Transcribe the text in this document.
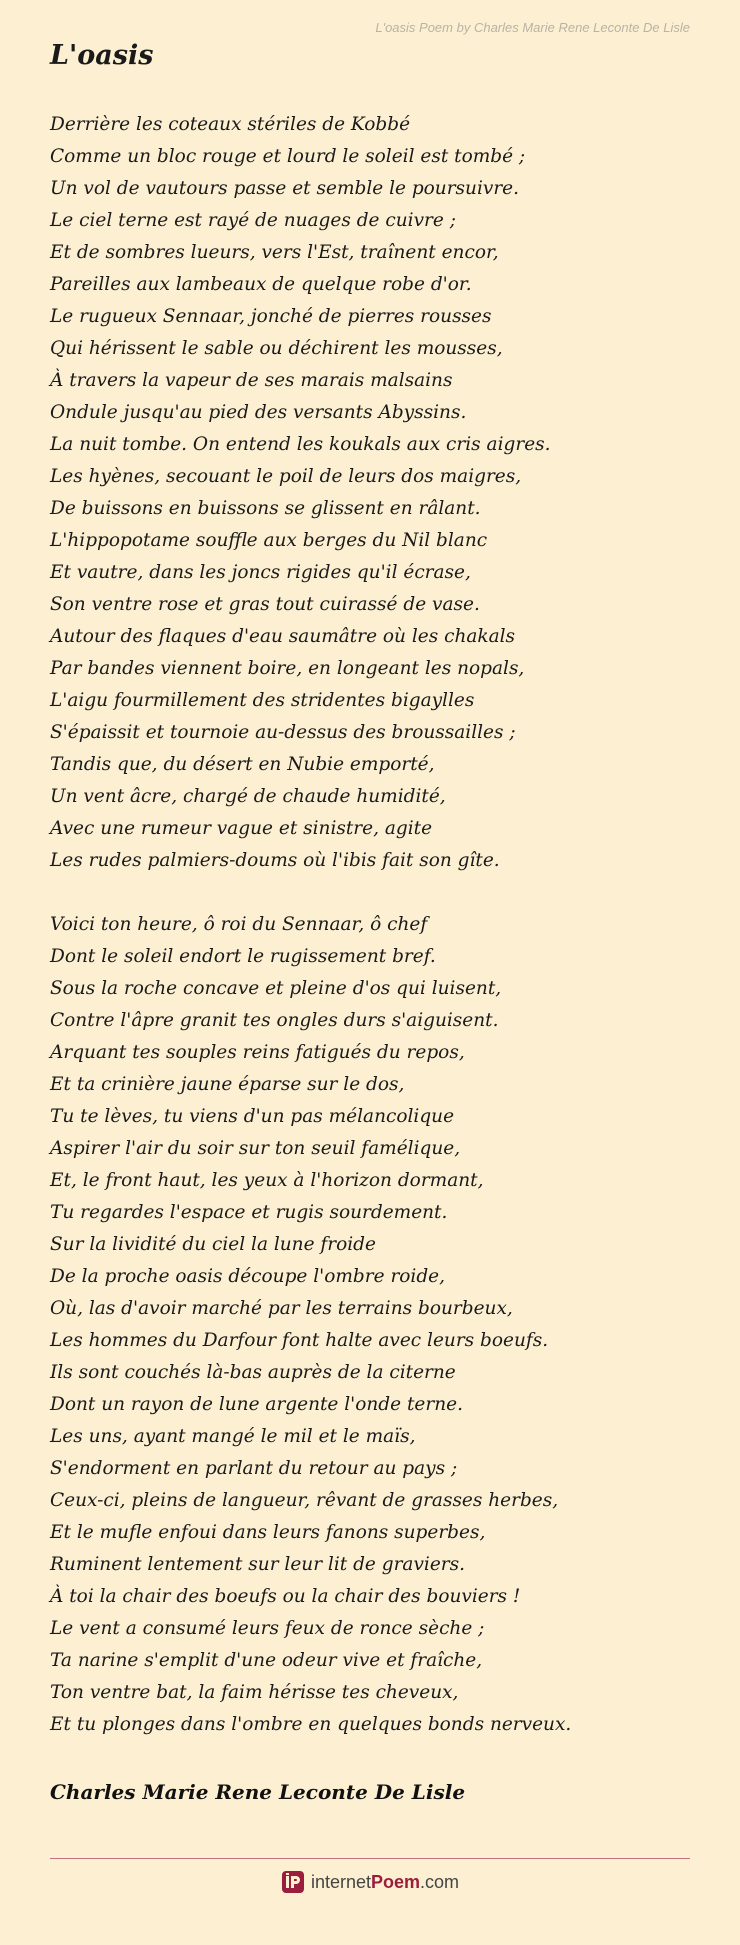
L'oasis Poem by Charles Marie Rene Leconte De Lisle
L'oasis
Derrière les coteaux stériles de Kobbé
Comme un bloc rouge et lourd le soleil est tombé ;
Un vol de vautours passe et semble le poursuivre.
Le ciel terne est rayé de nuages de cuivre ;
Et de sombres lueurs, vers l'Est, traînent encor,
Pareilles aux lambeaux de quelque robe d'or.
Le rugueux Sennaar, jonché de pierres rousses
Qui hérissent le sable ou déchirent les mousses,
À travers la vapeur de ses marais malsains
Ondule jusqu'au pied des versants Abyssins.
La nuit tombe. On entend les koukals aux cris aigres.
Les hyènes, secouant le poil de leurs dos maigres,
De buissons en buissons se glissent en râlant.
L'hippopotame souffle aux berges du Nil blanc
Et vautre, dans les joncs rigides qu'il écrase,
Son ventre rose et gras tout cuirassé de vase.
Autour des flaques d'eau saumâtre où les chakals
Par bandes viennent boire, en longeant les nopals,
L'aigu fourmillement des stridentes bigaylles
S'épaissit et tournoie au-dessus des broussailles ;
Tandis que, du désert en Nubie emporté,
Un vent âcre, chargé de chaude humidité,
Avec une rumeur vague et sinistre, agite
Les rudes palmiers-doums où l'ibis fait son gîte.
Voici ton heure, ô roi du Sennaar, ô chef
Dont le soleil endort le rugissement bref.
Sous la roche concave et pleine d'os qui luisent,
Contre l'âpre granit tes ongles durs s'aiguisent.
Arquant tes souples reins fatigués du repos,
Et ta crinière jaune éparse sur le dos,
Tu te lèves, tu viens d'un pas mélancolique
Aspirer l'air du soir sur ton seuil famélique,
Et, le front haut, les yeux à l'horizon dormant,
Tu regardes l'espace et rugis sourdement.
Sur la lividité du ciel la lune froide
De la proche oasis découpe l'ombre roide,
Où, las d'avoir marché par les terrains bourbeux,
Les hommes du Darfour font halte avec leurs boeufs.
Ils sont couchés là-bas auprès de la citerne
Dont un rayon de lune argente l'onde terne.
Les uns, ayant mangé le mil et le maïs,
S'endorment en parlant du retour au pays ;
Ceux-ci, pleins de langueur, rêvant de grasses herbes,
Et le mufle enfoui dans leurs fanons superbes,
Ruminent lentement sur leur lit de graviers.
À toi la chair des boeufs ou la chair des bouviers !
Le vent a consumé leurs feux de ronce sèche ;
Ta narine s'emplit d'une odeur vive et fraîche,
Ton ventre bat, la faim hérisse tes cheveux,
Et tu plonges dans l'ombre en quelques bonds nerveux.
Charles Marie Rene Leconte De Lisle
internetPoem.com
